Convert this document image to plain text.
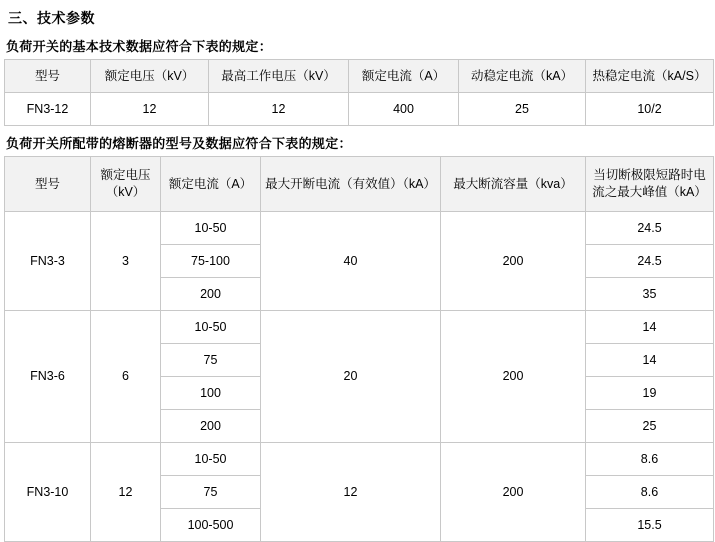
三、技术参数
负荷开关的基本技术数据应符合下表的规定：
型号	额定电压（kV）	最高工作电压（kV）	额定电流（A）	动稳定电流（kA）	热稳定电流（kA/S）
FN3-12	12	12	400	25	10/2
负荷开关所配带的熔断器的型号及数据应符合下表的规定：
型号	额定电压（kV）	额定电流（A）	最大开断电流（有效值）（kA）	最大断流容量（kva）	当切断极限短路时电流之最大峰值（kA）
FN3-3	3	10-50	40	200	24.5
		75-100			24.5
		200			35
FN3-6	6	10-50	20	200	14
		75			14
		100			19
		200			25
FN3-10	12	10-50	12	200	8.6
		75			8.6
		100-500			15.5
